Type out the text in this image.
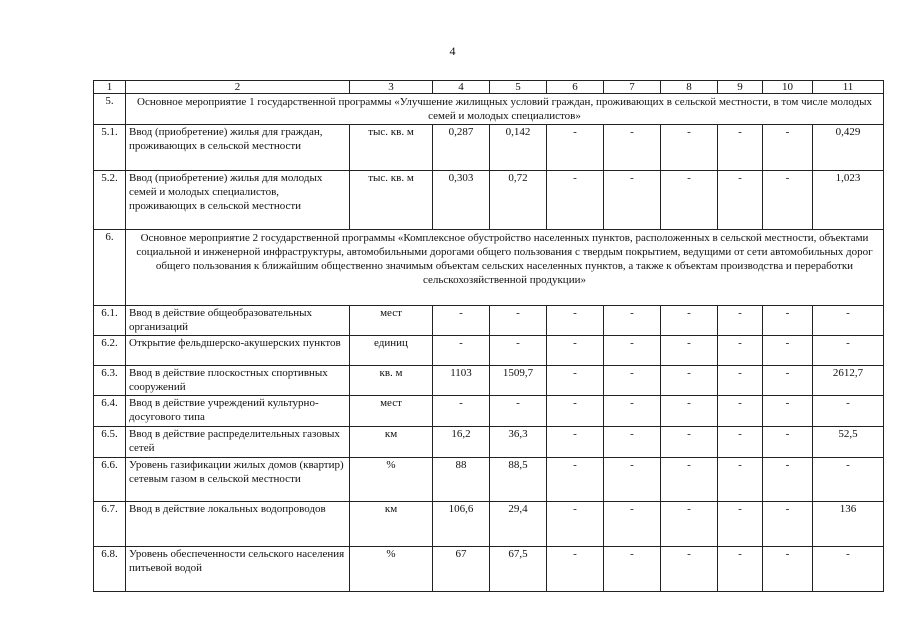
4
1	2	3	4	5	6	7	8	9	10	11
5.	Основное мероприятие 1 государственной программы «Улучшение жилищных условий граждан, проживающих в сельской местности, в том числе молодых семей и молодых специалистов»									
5.1.	Ввод (приобретение) жилья для граждан, проживающих в сельской местности	тыс. кв. м	0,287	0,142	-	-	-	-	-	0,429
5.2.	Ввод (приобретение) жилья для молодых семей и молодых специалистов, проживающих в сельской местности	тыс. кв. м	0,303	0,72	-	-	-	-	-	1,023
6.	Основное мероприятие 2 государственной программы «Комплексное обустройство населенных пунктов, расположенных в сельской местности, объектами социальной и инженерной инфраструктуры, автомобильными дорогами общего пользования с твердым покрытием, ведущими от сети автомобильных дорог общего пользования к ближайшим общественно значимым объектам сельских населенных пунктов, а также к объектам производства и переработки сельскохозяйственной продукции»									
6.1.	Ввод в действие общеобразовательных организаций	мест	-	-	-	-	-	-	-	-
6.2.	Открытие фельдшерско-акушерских пунктов	единиц	-	-	-	-	-	-	-	-
6.3.	Ввод в действие плоскостных спортивных сооружений	кв. м	1103	1509,7	-	-	-	-	-	2612,7
6.4.	Ввод в действие учреждений культурно-досугового типа	мест	-	-	-	-	-	-	-	-
6.5.	Ввод в действие распределительных газовых сетей	км	16,2	36,3	-	-	-	-	-	52,5
6.6.	Уровень газификации жилых домов (квартир) сетевым газом в сельской местности	%	88	88,5	-	-	-	-	-	-
6.7.	Ввод в действие локальных водопроводов	км	106,6	29,4	-	-	-	-	-	136
6.8.	Уровень обеспеченности сельского населения питьевой водой	%	67	67,5	-	-	-	-	-	-
